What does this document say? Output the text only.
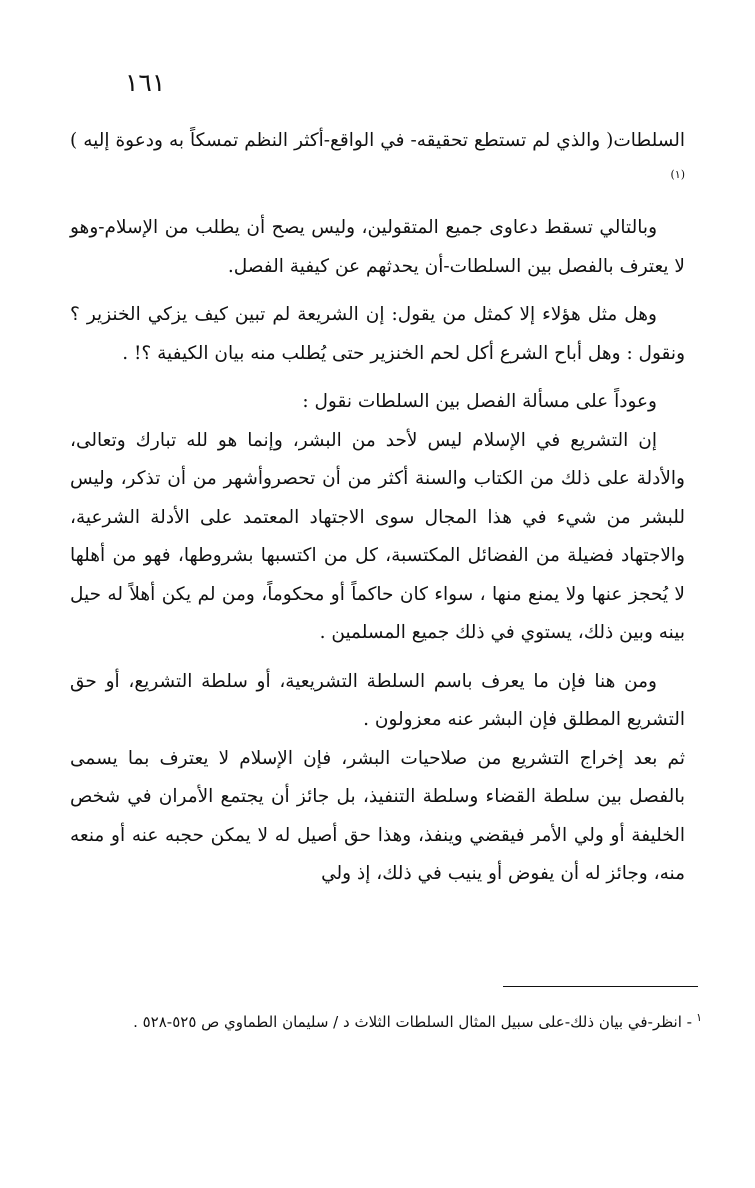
١٦١

السلطات( والذي لم تستطع تحقيقه- في الواقع-أكثر النظم تمسكاً به ودعوة إليه )$^{(١)}$

وبالتالي تسقط دعاوى جميع المتقولين، وليس يصح أن يطلب من الإسلام-وهو لا يعترف بالفصل بين السلطات-أن يحدثهم عن كيفية الفصل.

وهل مثل هؤلاء إلا كمثل من يقول: إن الشريعة لم تبين كيف يزكي الخنزير ؟ ونقول : وهل أباح الشرع أكل لحم الخنزير حتى يُطلب منه بيان الكيفية ؟! .

وعوداً على مسألة الفصل بين السلطات نقول :

إن التشريع في الإسلام ليس لأحد من البشر، وإنما هو لله تبارك وتعالى، والأدلة على ذلك من الكتاب والسنة أكثر من أن تحصروأشهر من أن تذكر، وليس للبشر من شيء في هذا المجال سوى الاجتهاد المعتمد على الأدلة الشرعية، والاجتهاد فضيلة من الفضائل المكتسبة، كل من اكتسبها بشروطها، فهو من أهلها لا يُحجز عنها ولا يمنع منها ، سواء كان حاكماً أو محكوماً، ومن لم يكن أهلاً له حيل بينه وبين ذلك، يستوي في ذلك جميع المسلمين .

ومن هنا فإن ما يعرف باسم السلطة التشريعية، أو سلطة التشريع، أو حق التشريع المطلق فإن البشر عنه معزولون .

ثم بعد إخراج التشريع من صلاحيات البشر، فإن الإسلام لا يعترف بما يسمى بالفصل بين سلطة القضاء وسلطة التنفيذ، بل جائز أن يجتمع الأمران في شخص الخليفة أو ولي الأمر فيقضي وينفذ، وهذا حق أصيل له لا يمكن حجبه عنه أو منعه منه، وجائز له أن يفوض أو ينيب في ذلك، إذ ولي

$^١$- انظر-في بيان ذلك-على سبيل المثال السلطات الثلاث د / سليمان الطماوي ص ٥٢٥-٥٢٨ .
